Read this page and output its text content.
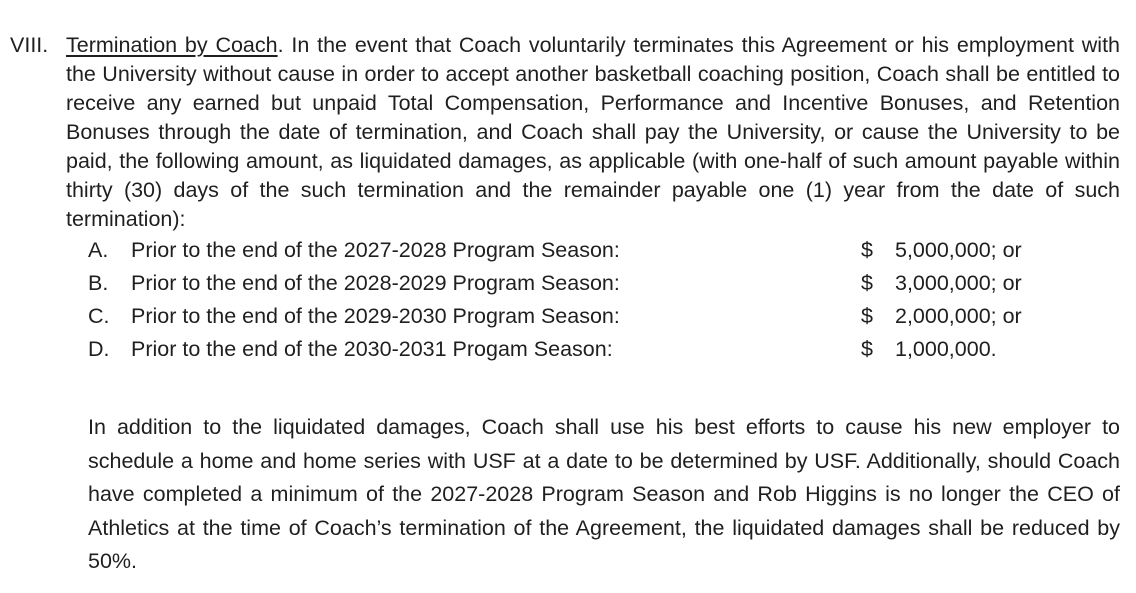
VIII. Termination by Coach. In the event that Coach voluntarily terminates this Agreement or his employment with the University without cause in order to accept another basketball coaching position, Coach shall be entitled to receive any earned but unpaid Total Compensation, Performance and Incentive Bonuses, and Retention Bonuses through the date of termination, and Coach shall pay the University, or cause the University to be paid, the following amount, as liquidated damages, as applicable (with one-half of such amount payable within thirty (30) days of the such termination and the remainder payable one (1) year from the date of such termination):
A. Prior to the end of the 2027-2028 Program Season:	$ 5,000,000; or
B. Prior to the end of the 2028-2029 Program Season:	$ 3,000,000; or
C. Prior to the end of the 2029-2030 Program Season:	$ 2,000,000; or
D. Prior to the end of the 2030-2031 Progam Season:	$ 1,000,000.
In addition to the liquidated damages, Coach shall use his best efforts to cause his new employer to schedule a home and home series with USF at a date to be determined by USF. Additionally, should Coach have completed a minimum of the 2027-2028 Program Season and Rob Higgins is no longer the CEO of Athletics at the time of Coach’s termination of the Agreement, the liquidated damages shall be reduced by 50%.
